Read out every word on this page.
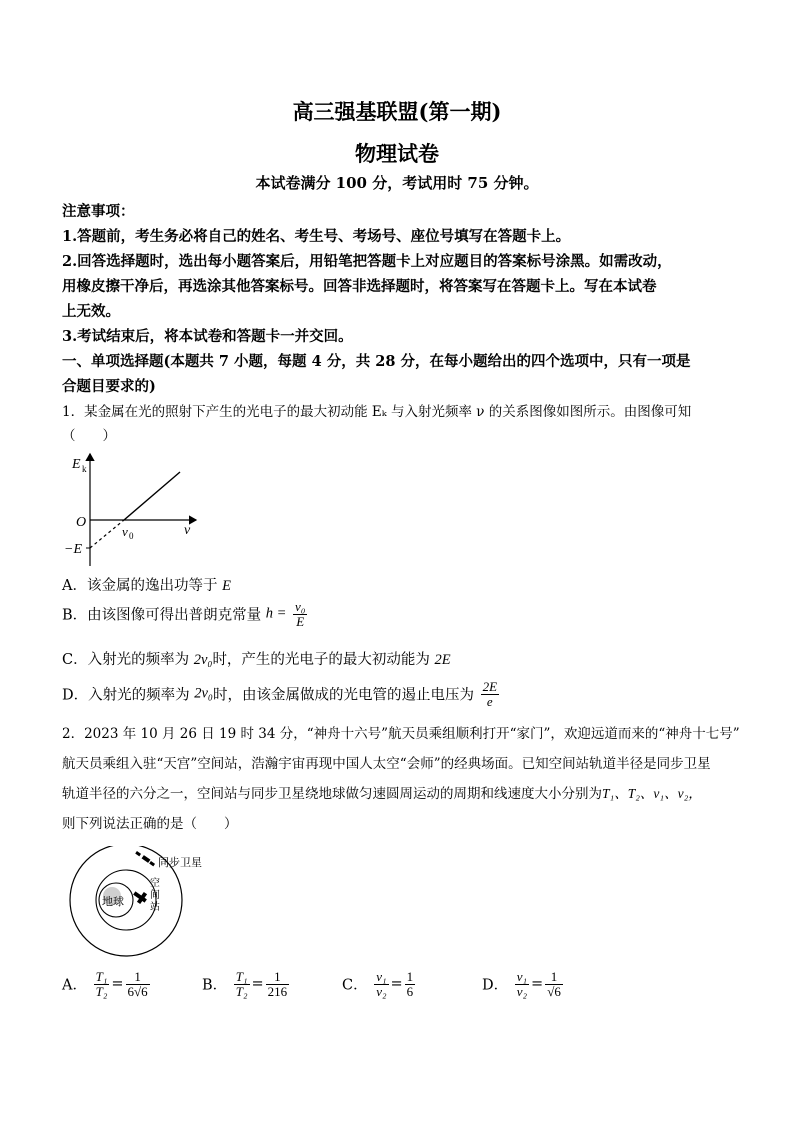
高三强基联盟(第一期)
物理试卷
本试卷满分 100 分，考试用时 75 分钟。
注意事项：
1.答题前，考生务必将自己的姓名、考生号、考场号、座位号填写在答题卡上。
2.回答选择题时，选出每小题答案后，用铅笔把答题卡上对应题目的答案标号涂黑。如需改动，
用橡皮擦干净后，再选涂其他答案标号。回答非选择题时，将答案写在答题卡上。写在本试卷
上无效。
3.考试结束后，将本试卷和答题卡一并交回。
一、单项选择题(本题共 7 小题，每题 4 分，共 28 分，在每小题给出的四个选项中，只有一项是
合题目要求的)
1．某金属在光的照射下产生的光电子的最大初动能 Eₖ 与入射光频率 ν 的关系图像如图所示。由图像可知
（　　）
E k
O
ν 0	ν
−E
A．该金属的逸出功等于 E
B．由该图像可得出普朗克常量 $h = \frac{\text{ν₀}}{E}$
C．入射光的频率为 2ν₀时，产生的光电子的最大初动能为 2E
D．入射光的频率为 2ν₀时，由该金属做成的光电管的遏止电压为 $\frac{2E}{e}$
2．2023 年 10 月 26 日 19 时 34 分，“神舟十六号”航天员乘组顺利打开“家门”，欢迎远道而来的“神舟十七号”
航天员乘组入驻“天宫”空间站，浩瀚宇宙再现中国人太空“会师”的经典场面。已知空间站轨道半径是同步卫星
轨道半径的六分之一，空间站与同步卫星绕地球做匀速圆周运动的周期和线速度大小分别为T₁、T₂、v₁、v₂，
则下列说法正确的是（　　）
地球
同步卫星
空
间
站
A． $\frac{\text{T₁}}{\text{T₂}} = \frac{1}{6√6}$	B． $\frac{\text{T₁}}{\text{T₂}} = \frac{1}{216}$	C． $\frac{\text{v₁}}{\text{v₂}} = \frac{1}{6}$	D． $\frac{\text{v₁}}{\text{v₂}} = \frac{1}{√6}$
